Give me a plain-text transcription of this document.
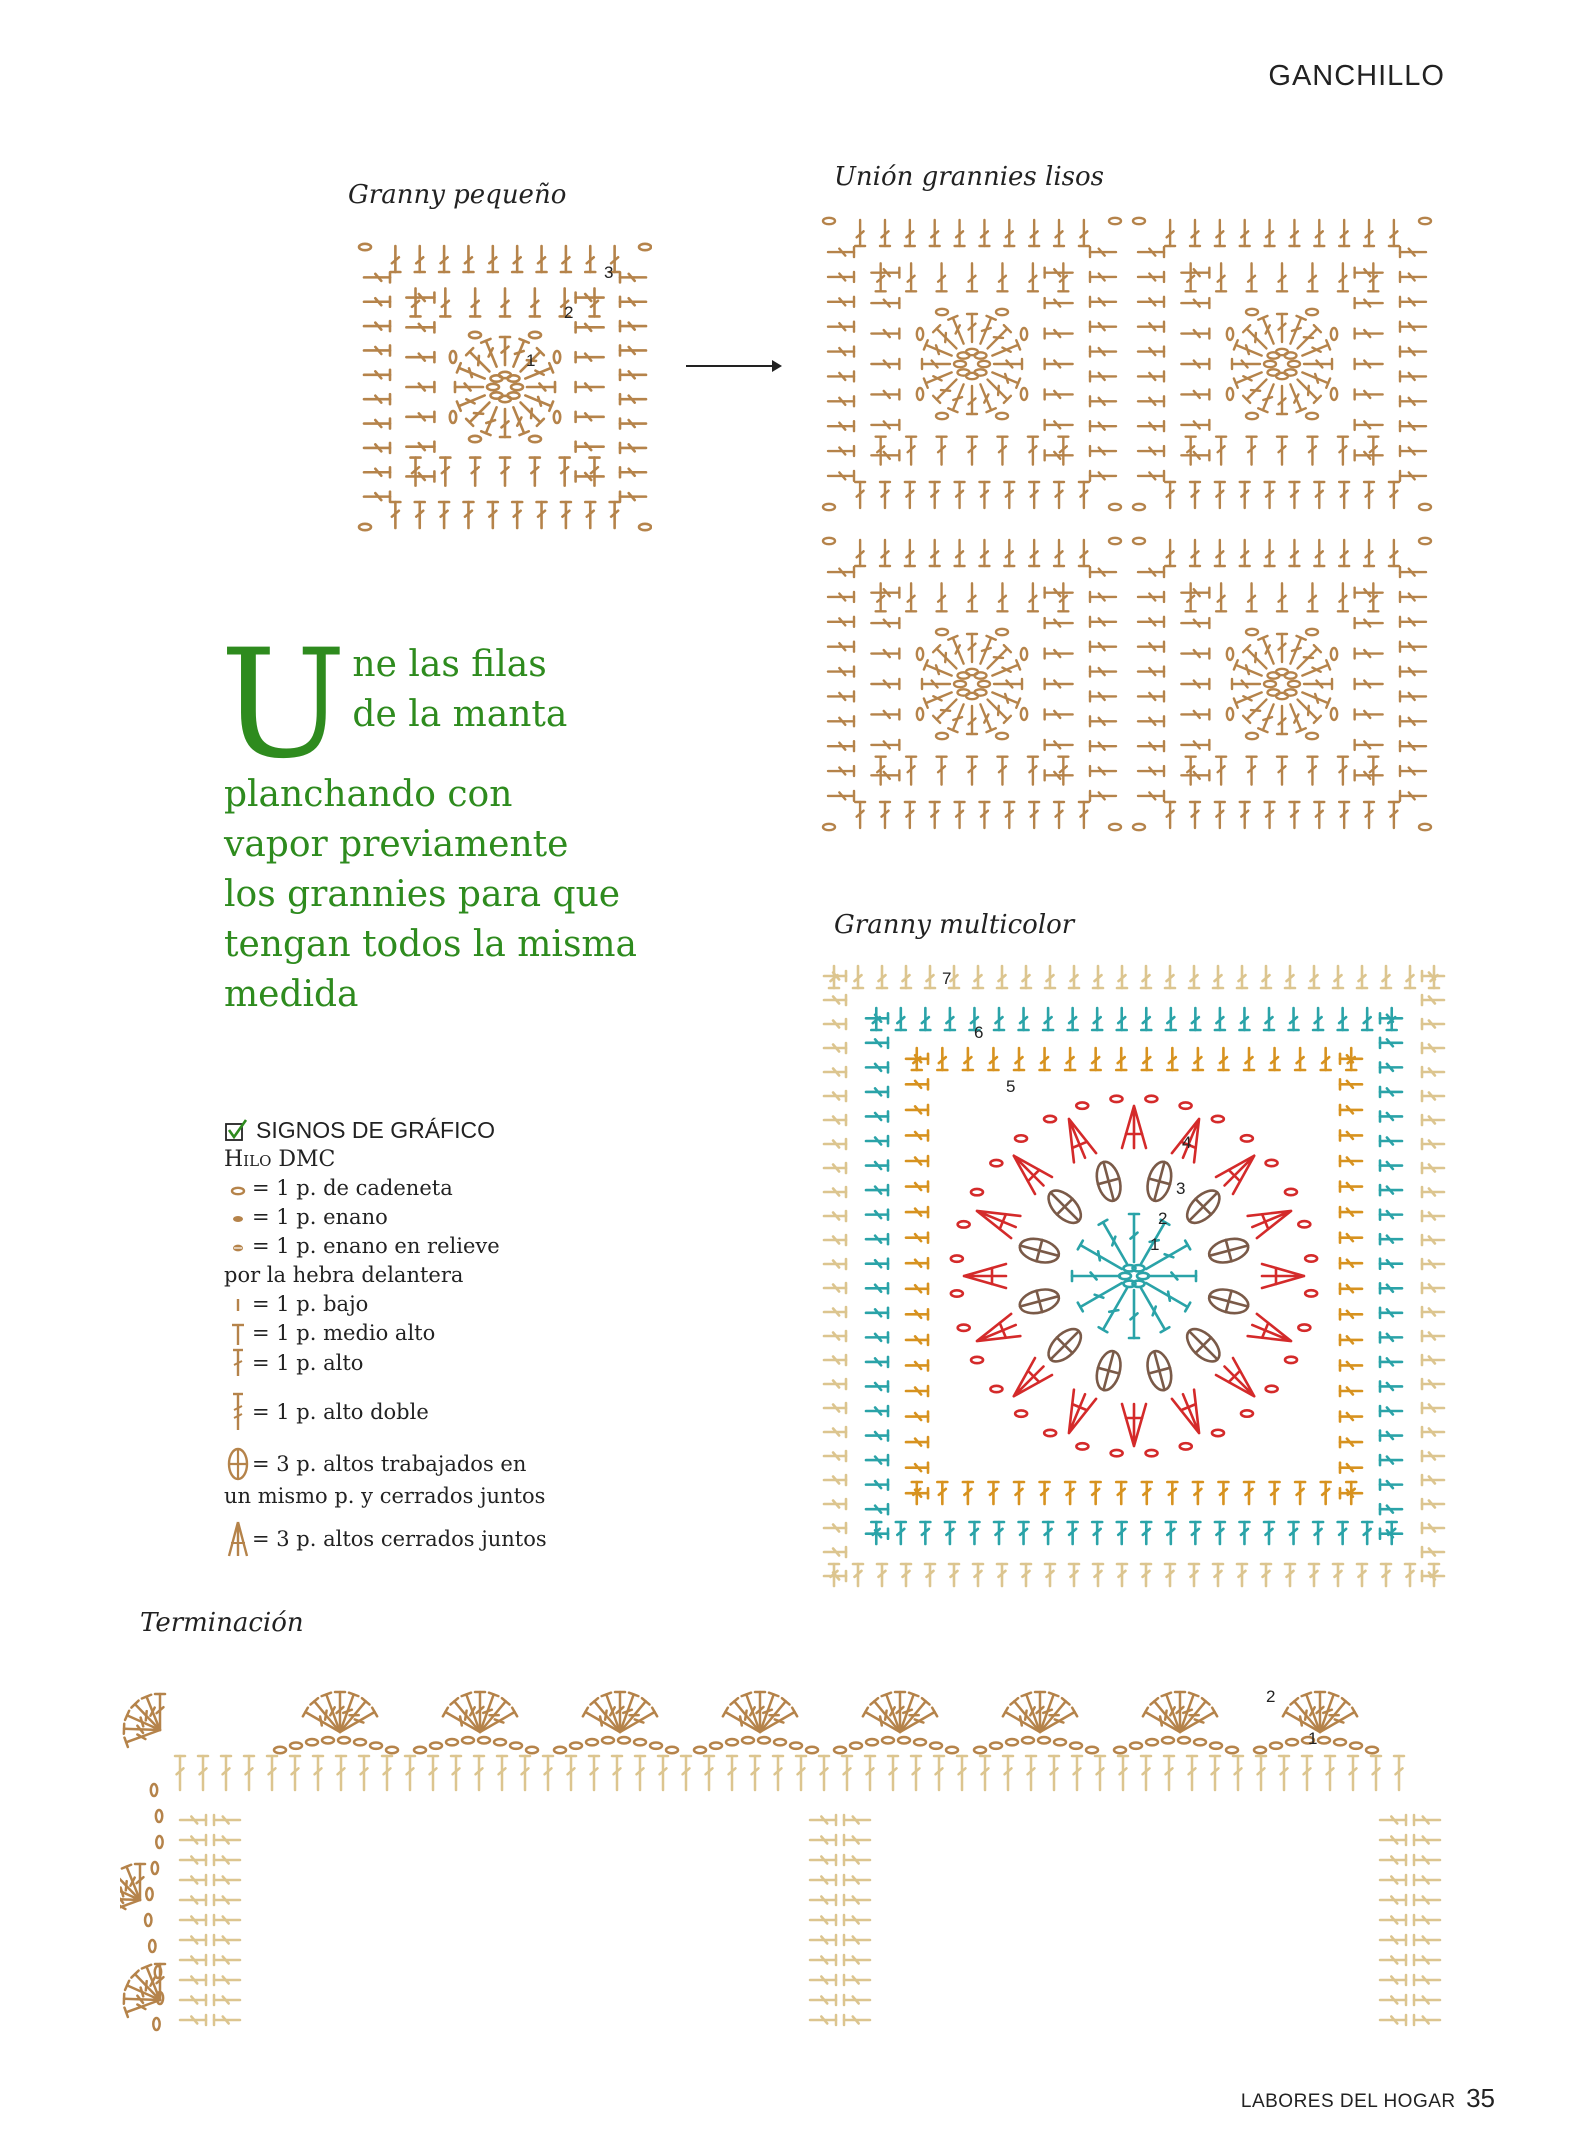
GANCHILLO
Granny pequeño
Unión grannies lisos
Granny multicolor
Terminación
3
2
1
7
6
5
4
3
2
1
U ne las filas
de la manta
planchando con
vapor previamente
los grannies para que
tengan todos la misma
medida
SIGNOS DE GRÁFICO
Hilo DMC
= 1 p. de cadeneta
= 1 p. enano
= 1 p. enano en relieve
por la hebra delantera
= 1 p. bajo
= 1 p. medio alto
= 1 p. alto
= 1 p. alto doble
= 3 p. altos trabajados en
un mismo p. y cerrados juntos
= 3 p. altos cerrados juntos
2
1
LABORES DEL HOGAR 35
